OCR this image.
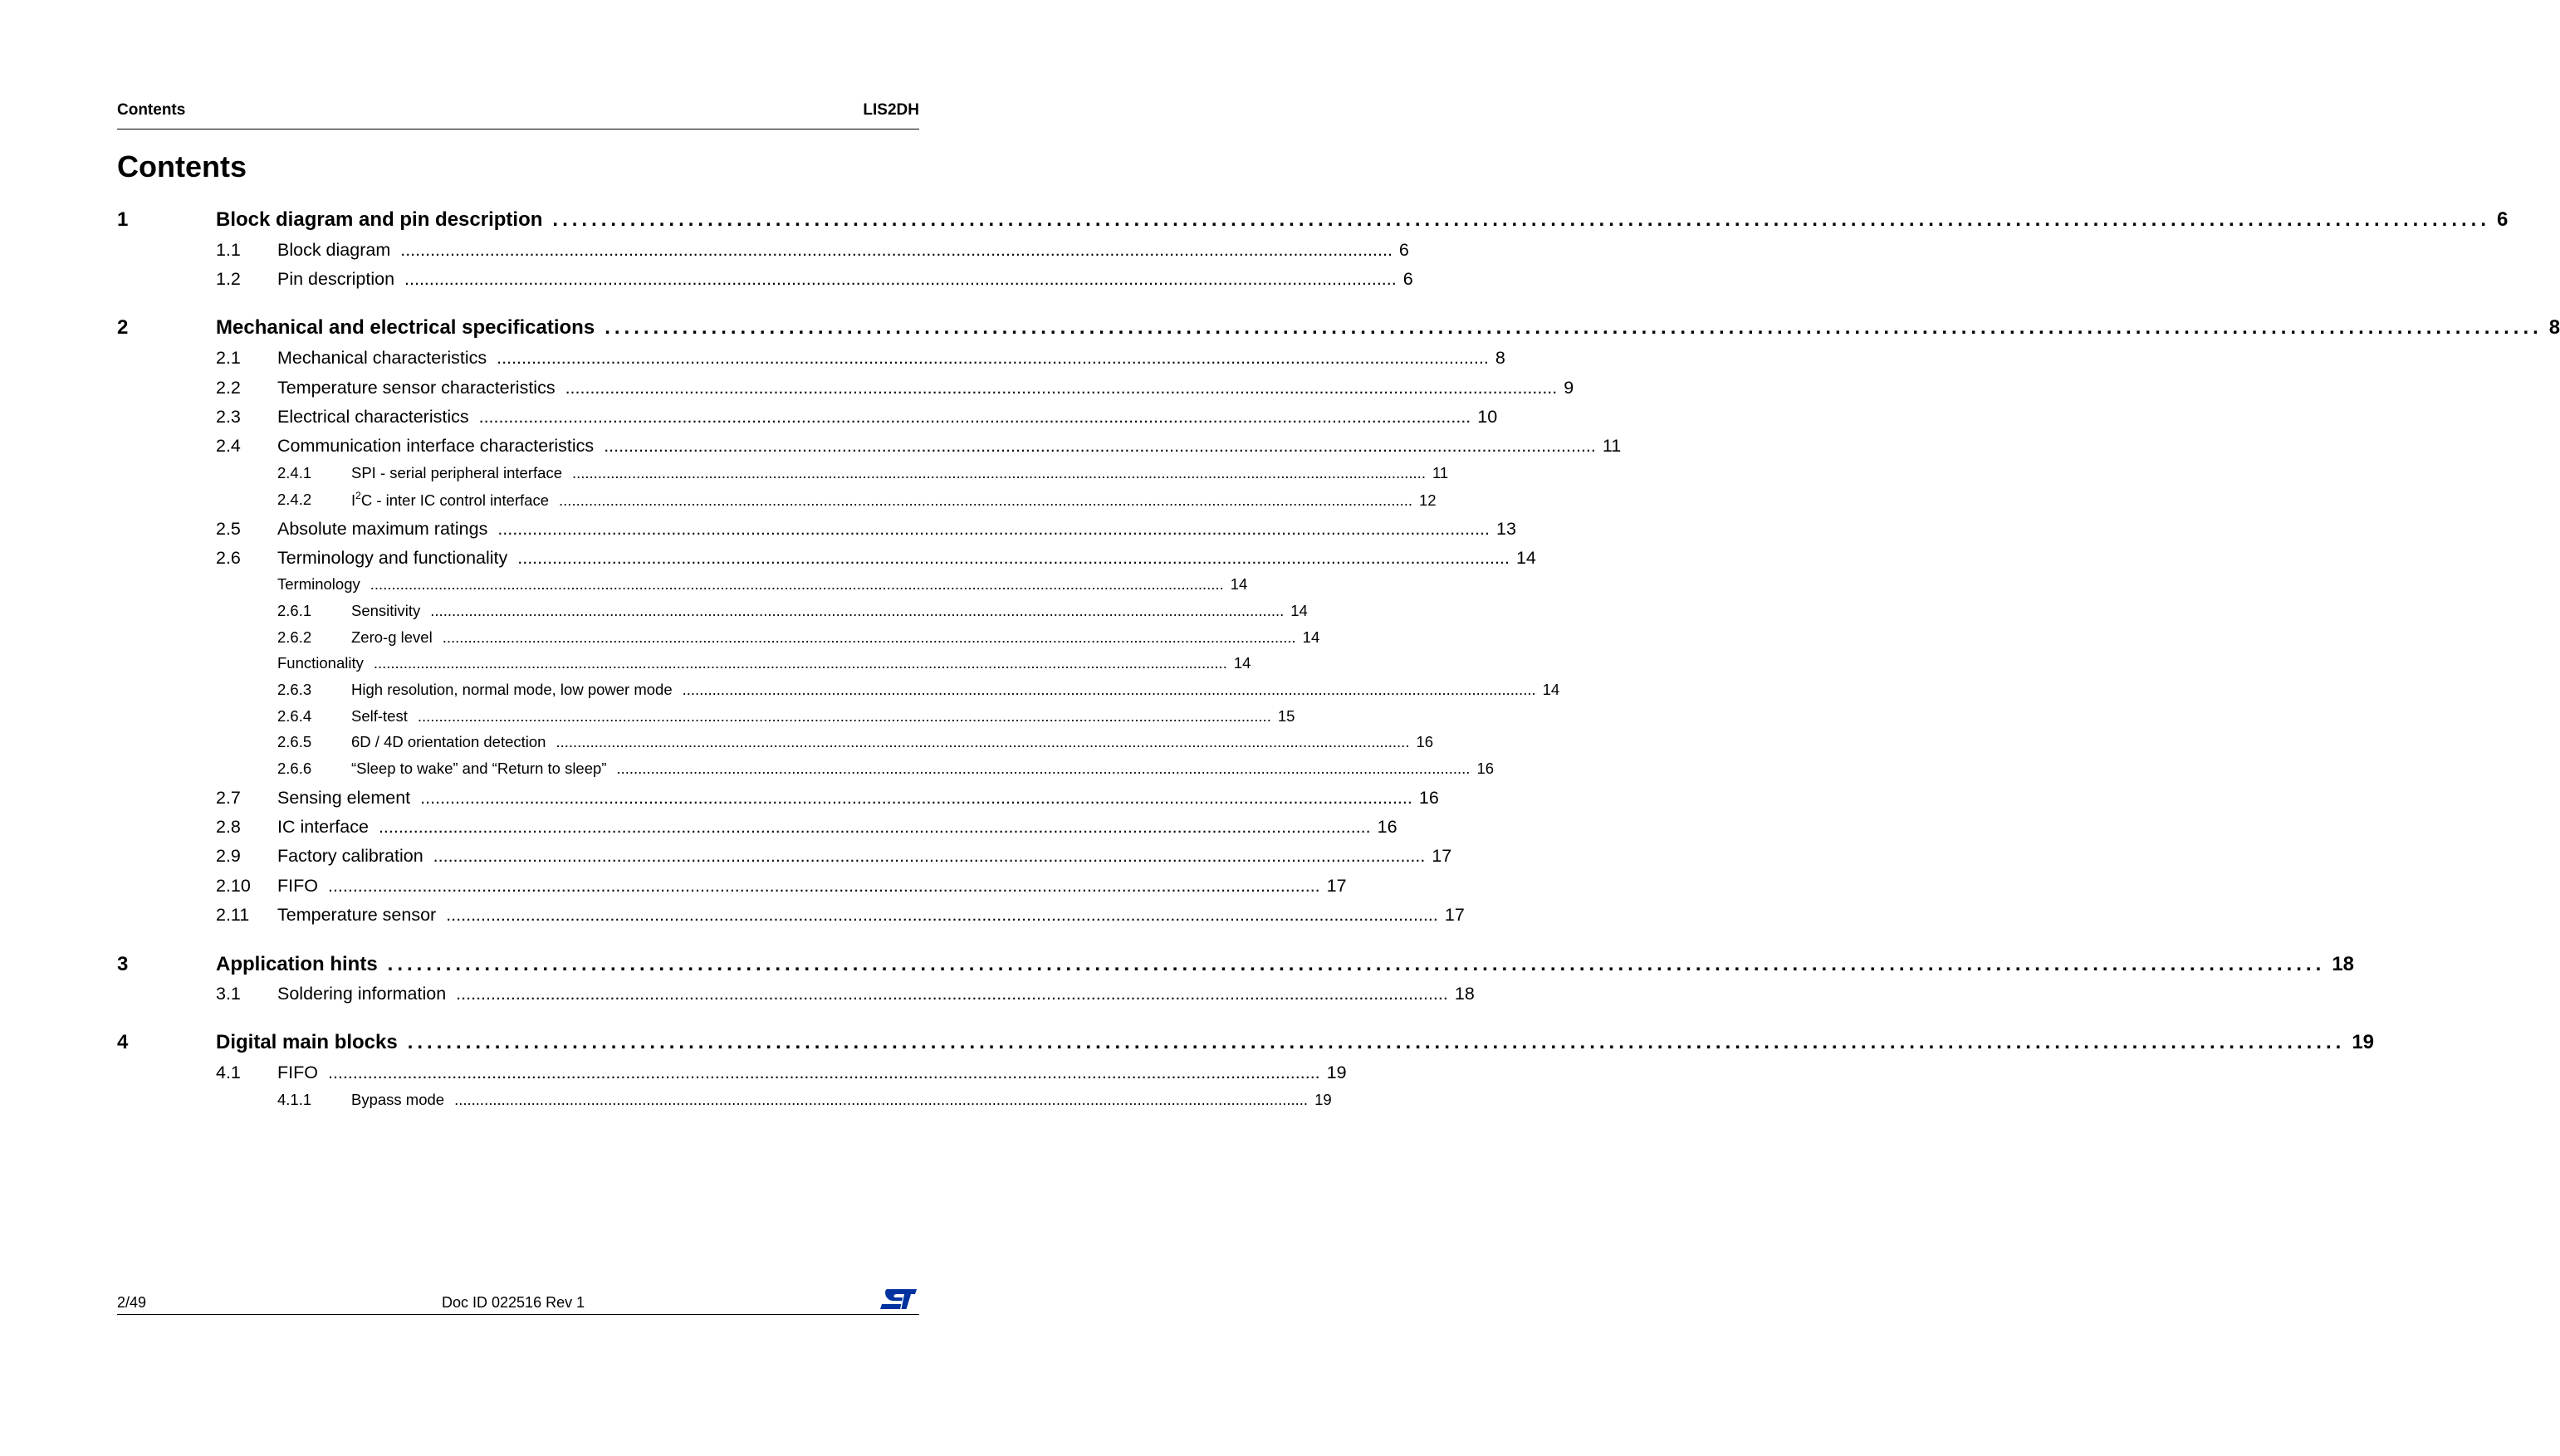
Contents	LIS2DH
Contents
1	Block diagram and pin description ........................................................................................................................................................................................................ 6
1.1 Block diagram ........................................................................................................................................................................................................ 6
1.2 Pin description ........................................................................................................................................................................................................ 6
2	Mechanical and electrical specifications ........................................................................................................................................................................................................ 8
2.1 Mechanical characteristics ........................................................................................................................................................................................................ 8
2.2 Temperature sensor characteristics ........................................................................................................................................................................................................ 9
2.3 Electrical characteristics ........................................................................................................................................................................................................ 10
2.4 Communication interface characteristics ........................................................................................................................................................................................................ 11
2.4.1	SPI - serial peripheral interface ........................................................................................................................................................................................................ 11
2.4.2	$I^2C$ - inter IC control interface ........................................................................................................................................................................................................ 12
2.5 Absolute maximum ratings ........................................................................................................................................................................................................ 13
2.6 Terminology and functionality ........................................................................................................................................................................................................ 14
Terminology ........................................................................................................................................................................................................ 14
2.6.1	Sensitivity ........................................................................................................................................................................................................ 14
2.6.2	Zero-g level ........................................................................................................................................................................................................ 14
Functionality ........................................................................................................................................................................................................ 14
2.6.3	High resolution, normal mode, low power mode ........................................................................................................................................................................................................ 14
2.6.4	Self-test ........................................................................................................................................................................................................ 15
2.6.5	6D / 4D orientation detection ........................................................................................................................................................................................................ 16
2.6.6	“Sleep to wake” and “Return to sleep” ........................................................................................................................................................................................................ 16
2.7 Sensing element ........................................................................................................................................................................................................ 16
2.8 IC interface ........................................................................................................................................................................................................ 16
2.9 Factory calibration ........................................................................................................................................................................................................ 17
2.10 FIFO ........................................................................................................................................................................................................ 17
2.11 Temperature sensor ........................................................................................................................................................................................................ 17
3	Application hints ........................................................................................................................................................................................................ 18
3.1 Soldering information ........................................................................................................................................................................................................ 18
4	Digital main blocks ........................................................................................................................................................................................................ 19
4.1 FIFO ........................................................................................................................................................................................................ 19
4.1.1	Bypass mode ........................................................................................................................................................................................................ 19
2/49	Doc ID 022516 Rev 1
